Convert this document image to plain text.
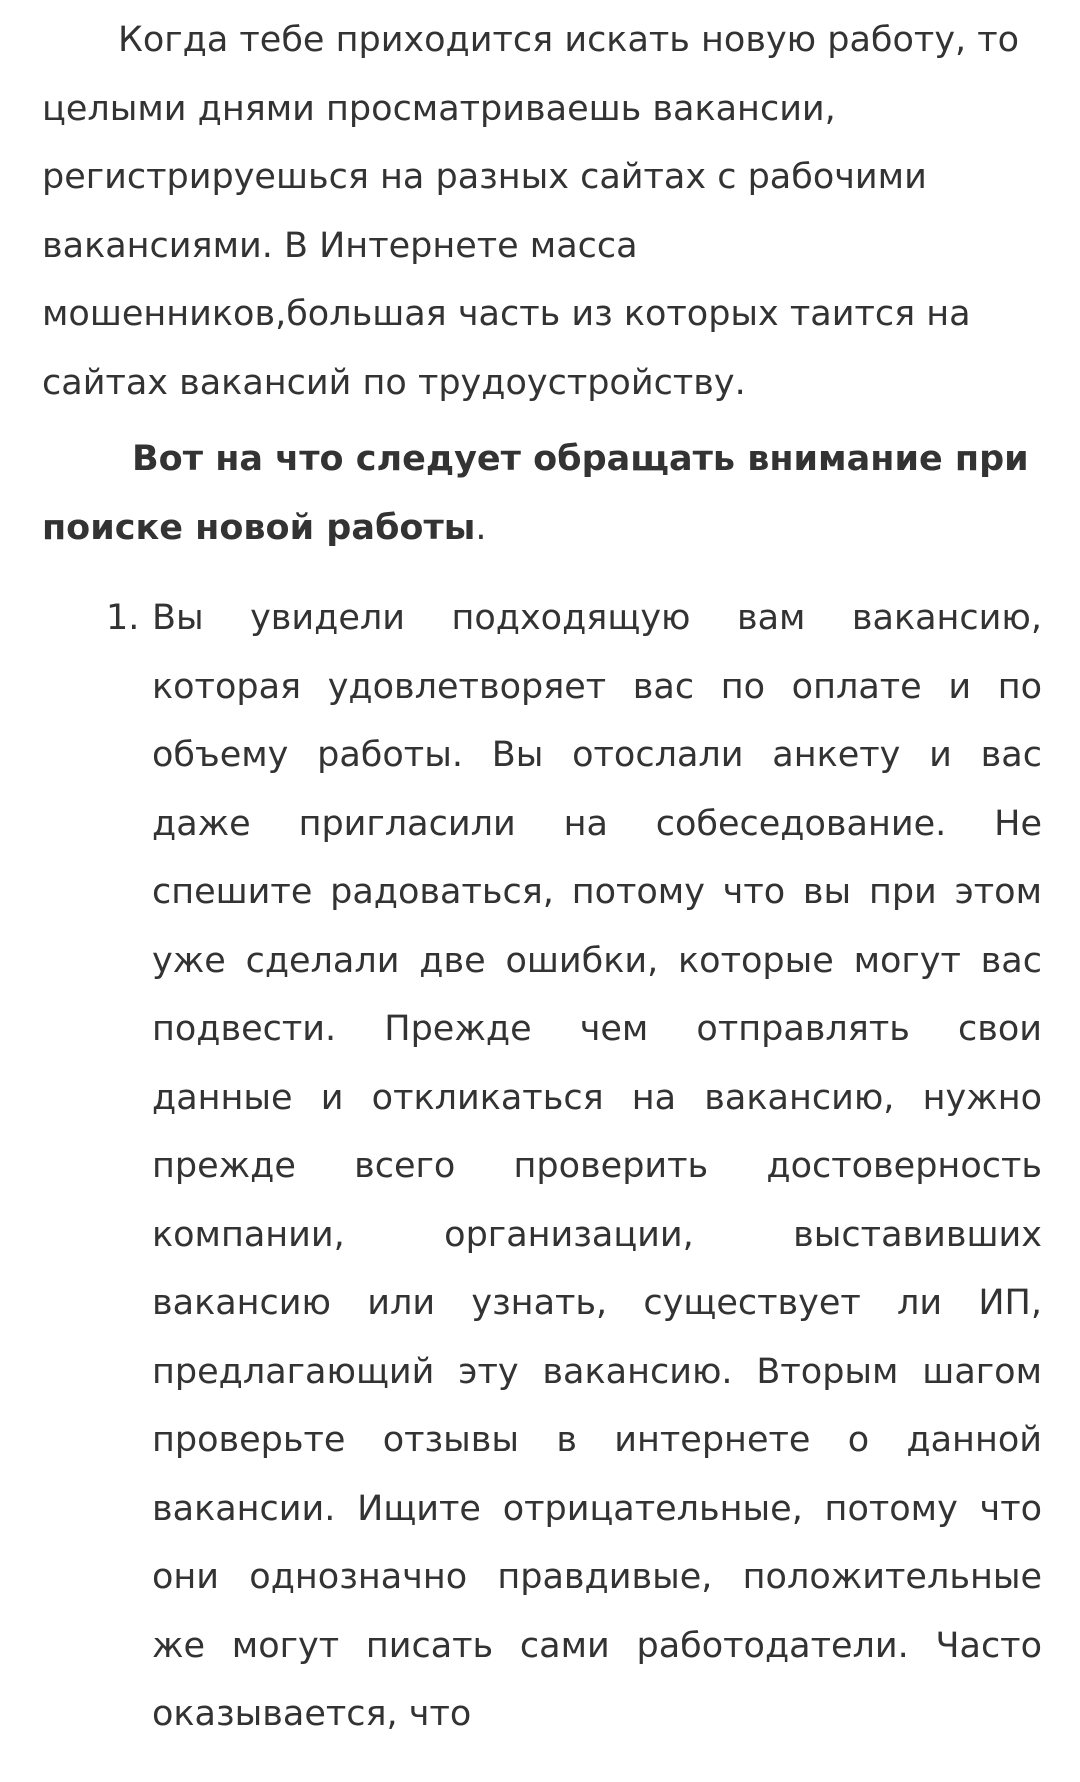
Когда тебе приходится искать новую работу, то целыми днями просматриваешь вакансии, регистрируешься на разных сайтах с рабочими вакансиями. В Интернете масса мошенников,большая часть из которых таится на сайтах вакансий по трудоустройству.

Вот на что следует обращать внимание при поиске новой работы.

1. Вы увидели подходящую вам вакансию, которая удовлетворяет вас по оплате и по объему работы. Вы отослали анкету и вас даже пригласили на собеседование. Не спешите радоваться, потому что вы при этом уже сделали две ошибки, которые могут вас подвести. Прежде чем отправлять свои данные и откликаться на вакансию, нужно прежде всего проверить достоверность компании, организации, выставивших вакансию или узнать, существует ли ИП, предлагающий эту вакансию. Вторым шагом проверьте отзывы в интернете о данной вакансии. Ищите отрицательные, потому что они однозначно правдивые, положительные же могут писать сами работодатели. Часто оказывается, что
